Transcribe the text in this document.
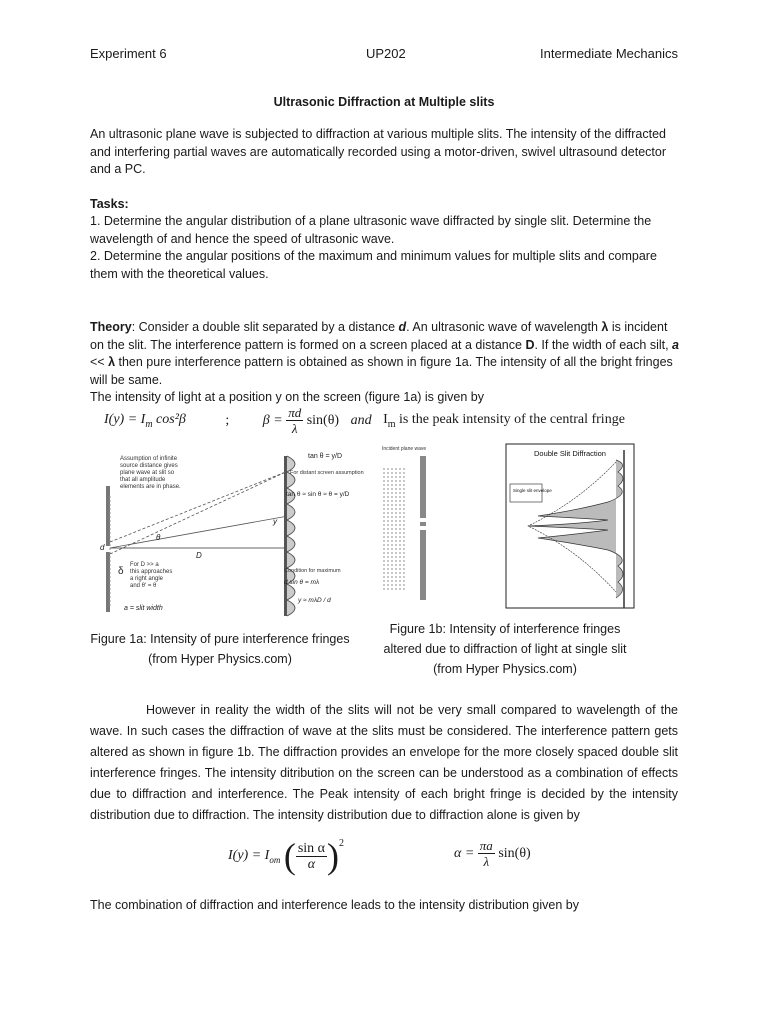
Experiment 6	UP202	Intermediate Mechanics
Ultrasonic Diffraction at Multiple slits
An ultrasonic plane wave is subjected to diffraction at various multiple slits. The intensity of the diffracted and interfering partial waves are automatically recorded using a motor-driven, swivel ultrasound detector and a PC.
Tasks:
1. Determine the angular distribution of a plane ultrasonic wave diffracted by single slit. Determine the wavelength of and hence the speed of ultrasonic wave.
2. Determine the angular positions of the maximum and minimum values for multiple slits and compare them with the theoretical values.
Theory: Consider a double slit separated by a distance d. An ultrasonic wave of wavelength λ is incident on the slit. The interference pattern is formed on a screen placed at a distance D. If the width of each silt, a << λ then pure interference pattern is obtained as shown in figure 1a. The intensity of all the bright fringes will be same.
The intensity of light at a position y on the screen (figure 1a) is given by
$I(y) = I_m$ cos²β	; $\beta = \frac{\pi d}{\lambda} \sin(\theta)$ and $I_m$ is the peak intensity of the central fringe
Assumption of infinite source distance gives plane wave at slit so that all amplitude elements are in phase.
d
θ
D
y
δ
For D >> a this approaches a right angle and θ' = θ
a = slit width
tan θ = y/D
For distant screen assumption
tan θ ≈ sin θ ≈ θ = y/D
Condition for maximum
d sin θ = mλ
y ≈ mλD / d
Incident plane wave	Double Slit Diffraction
Single slit envelope
Figure 1a: Intensity of pure interference fringes (from Hyper Physics.com)
Figure 1b: Intensity of interference fringes altered due to diffraction of light at single slit (from Hyper Physics.com)
However in reality the width of the slits will not be very small compared to wavelength of the wave. In such cases the diffraction of wave at the slits must be considered. The interference pattern gets altered as shown in figure 1b. The diffraction provides an envelope for the more closely spaced double slit interference fringes. The intensity ditribution on the screen can be understood as a combination of effects due to diffraction and interference. The Peak intensity of each bright fringe is decided by the intensity distribution due to diffraction. The intensity distribution due to diffraction alone is given by
$I(y) = I_{om}$ ( $\frac{\text{sin α}}{\alpha} )^2$
$\alpha = \frac{\pi a}{\lambda} \sin(\theta)$
The combination of diffraction and interference leads to the intensity distribution given by
